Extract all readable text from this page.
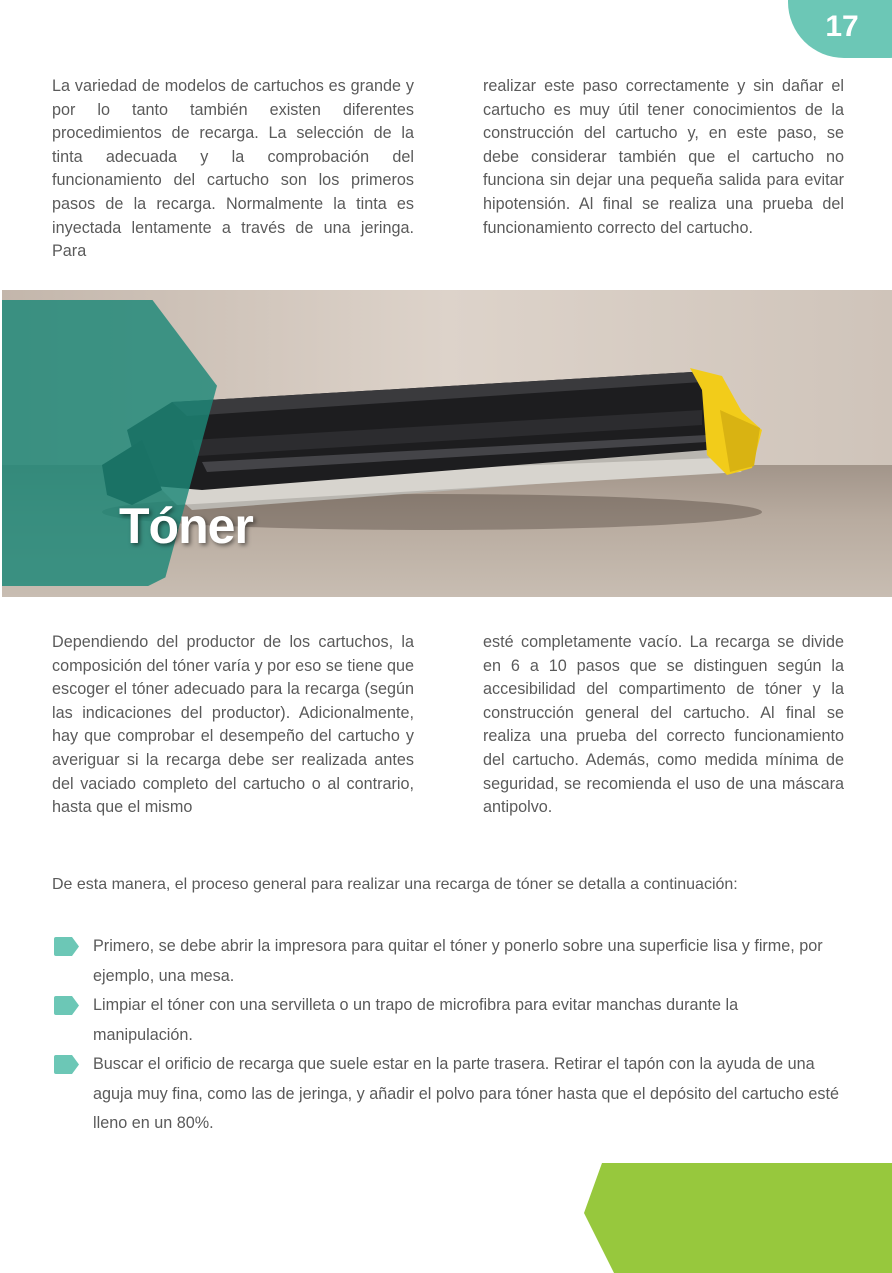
17

La variedad de modelos de cartuchos es grande y por lo tanto también existen diferentes procedimientos de recarga. La selección de la tinta adecuada y la comprobación del funcionamiento del cartucho son los primeros pasos de la recarga. Normalmente la tinta es inyectada lentamente a través de una jeringa. Para

realizar este paso correctamente y sin dañar el cartucho es muy útil tener conocimientos de la construcción del cartucho y, en este paso, se debe considerar también que el cartucho no funciona sin dejar una pequeña salida para evitar hipotensión. Al final se realiza una prueba del funcionamiento correcto del cartucho.

Tóner

Dependiendo del productor de los cartuchos, la composición del tóner varía y por eso se tiene que escoger el tóner adecuado para la recarga (según las indicaciones del productor). Adicionalmente, hay que comprobar el desempeño del cartucho y averiguar si la recarga debe ser realizada antes del vaciado completo del cartucho o al contrario, hasta que el mismo

esté completamente vacío. La recarga se divide en 6 a 10 pasos que se distinguen según la accesibilidad del compartimento de tóner y la construcción general del cartucho. Al final se realiza una prueba del correcto funcionamiento del cartucho. Además, como medida mínima de seguridad, se recomienda el uso de una máscara antipolvo.

De esta manera, el proceso general para realizar una recarga de tóner se detalla a continuación:

Primero, se debe abrir la impresora para quitar el tóner y ponerlo sobre una superficie lisa y firme, por ejemplo, una mesa.
Limpiar el tóner con una servilleta o un trapo de microfibra para evitar manchas durante la manipulación.
Buscar el orificio de recarga que suele estar en la parte trasera. Retirar el tapón con la ayuda de una aguja muy fina, como las de jeringa, y añadir el polvo para tóner hasta que el depósito del cartucho esté lleno en un 80%.
